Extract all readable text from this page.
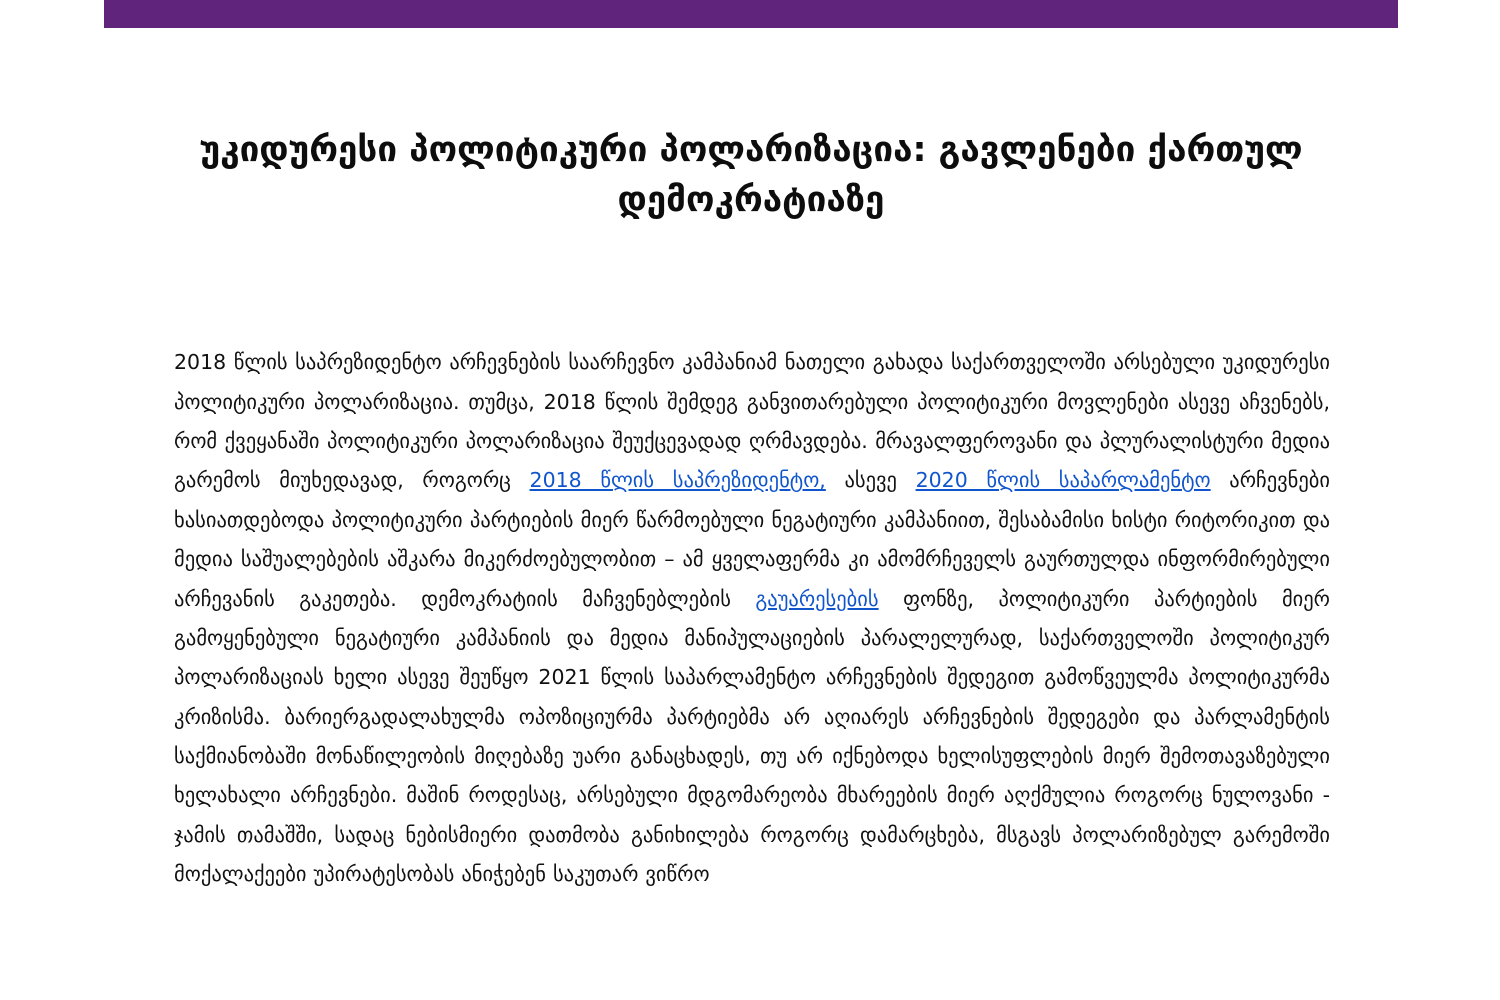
უკიდურესი პოლიტიკური პოლარიზაცია: გავლენები ქართულ დემოკრატიაზე

2018 წლის საპრეზიდენტო არჩევნების საარჩევნო კამპანიამ ნათელი გახადა საქართველოში არსებული უკიდურესი პოლიტიკური პოლარიზაცია. თუმცა, 2018 წლის შემდეგ განვითარებული პოლიტიკური მოვლენები ასევე აჩვენებს, რომ ქვეყანაში პოლიტიკური პოლარიზაცია შეუქცევადად ღრმავდება. მრავალფეროვანი და პლურალისტური მედია გარემოს მიუხედავად, როგორც 2018 წლის საპრეზიდენტო, ასევე 2020 წლის საპარლამენტო არჩევნები ხასიათდებოდა პოლიტიკური პარტიების მიერ წარმოებული ნეგატიური კამპანიით, შესაბამისი ხისტი რიტორიკით და მედია საშუალებების აშკარა მიკერძოებულობით – ამ ყველაფერმა კი ამომრჩეველს გაურთულდა ინფორმირებული არჩევანის გაკეთება. დემოკრატიის მაჩვენებლების გაუარესების ფონზე, პოლიტიკური პარტიების მიერ გამოყენებული ნეგატიური კამპანიის და მედია მანიპულაციების პარალელურად, საქართველოში პოლიტიკურ პოლარიზაციას ხელი ასევე შეუწყო 2021 წლის საპარლამენტო არჩევნების შედეგით გამოწვეულმა პოლიტიკურმა კრიზისმა. ბარიერგადალახულმა ოპოზიციურმა პარტიებმა არ აღიარეს არჩევნების შედეგები და პარლამენტის საქმიანობაში მონაწილეობის მიღებაზე უარი განაცხადეს, თუ არ იქნებოდა ხელისუფლების მიერ შემოთავაზებული ხელახალი არჩევნები. მაშინ როდესაც, არსებული მდგომარეობა მხარეების მიერ აღქმულია როგორც ნულოვანი - ჯამის თამაშში, სადაც ნებისმიერი დათმობა განიხილება როგორც დამარცხება, მსგავს პოლარიზებულ გარემოში მოქალაქეები უპირატესობას ანიჭებენ საკუთარ ვიწრო
